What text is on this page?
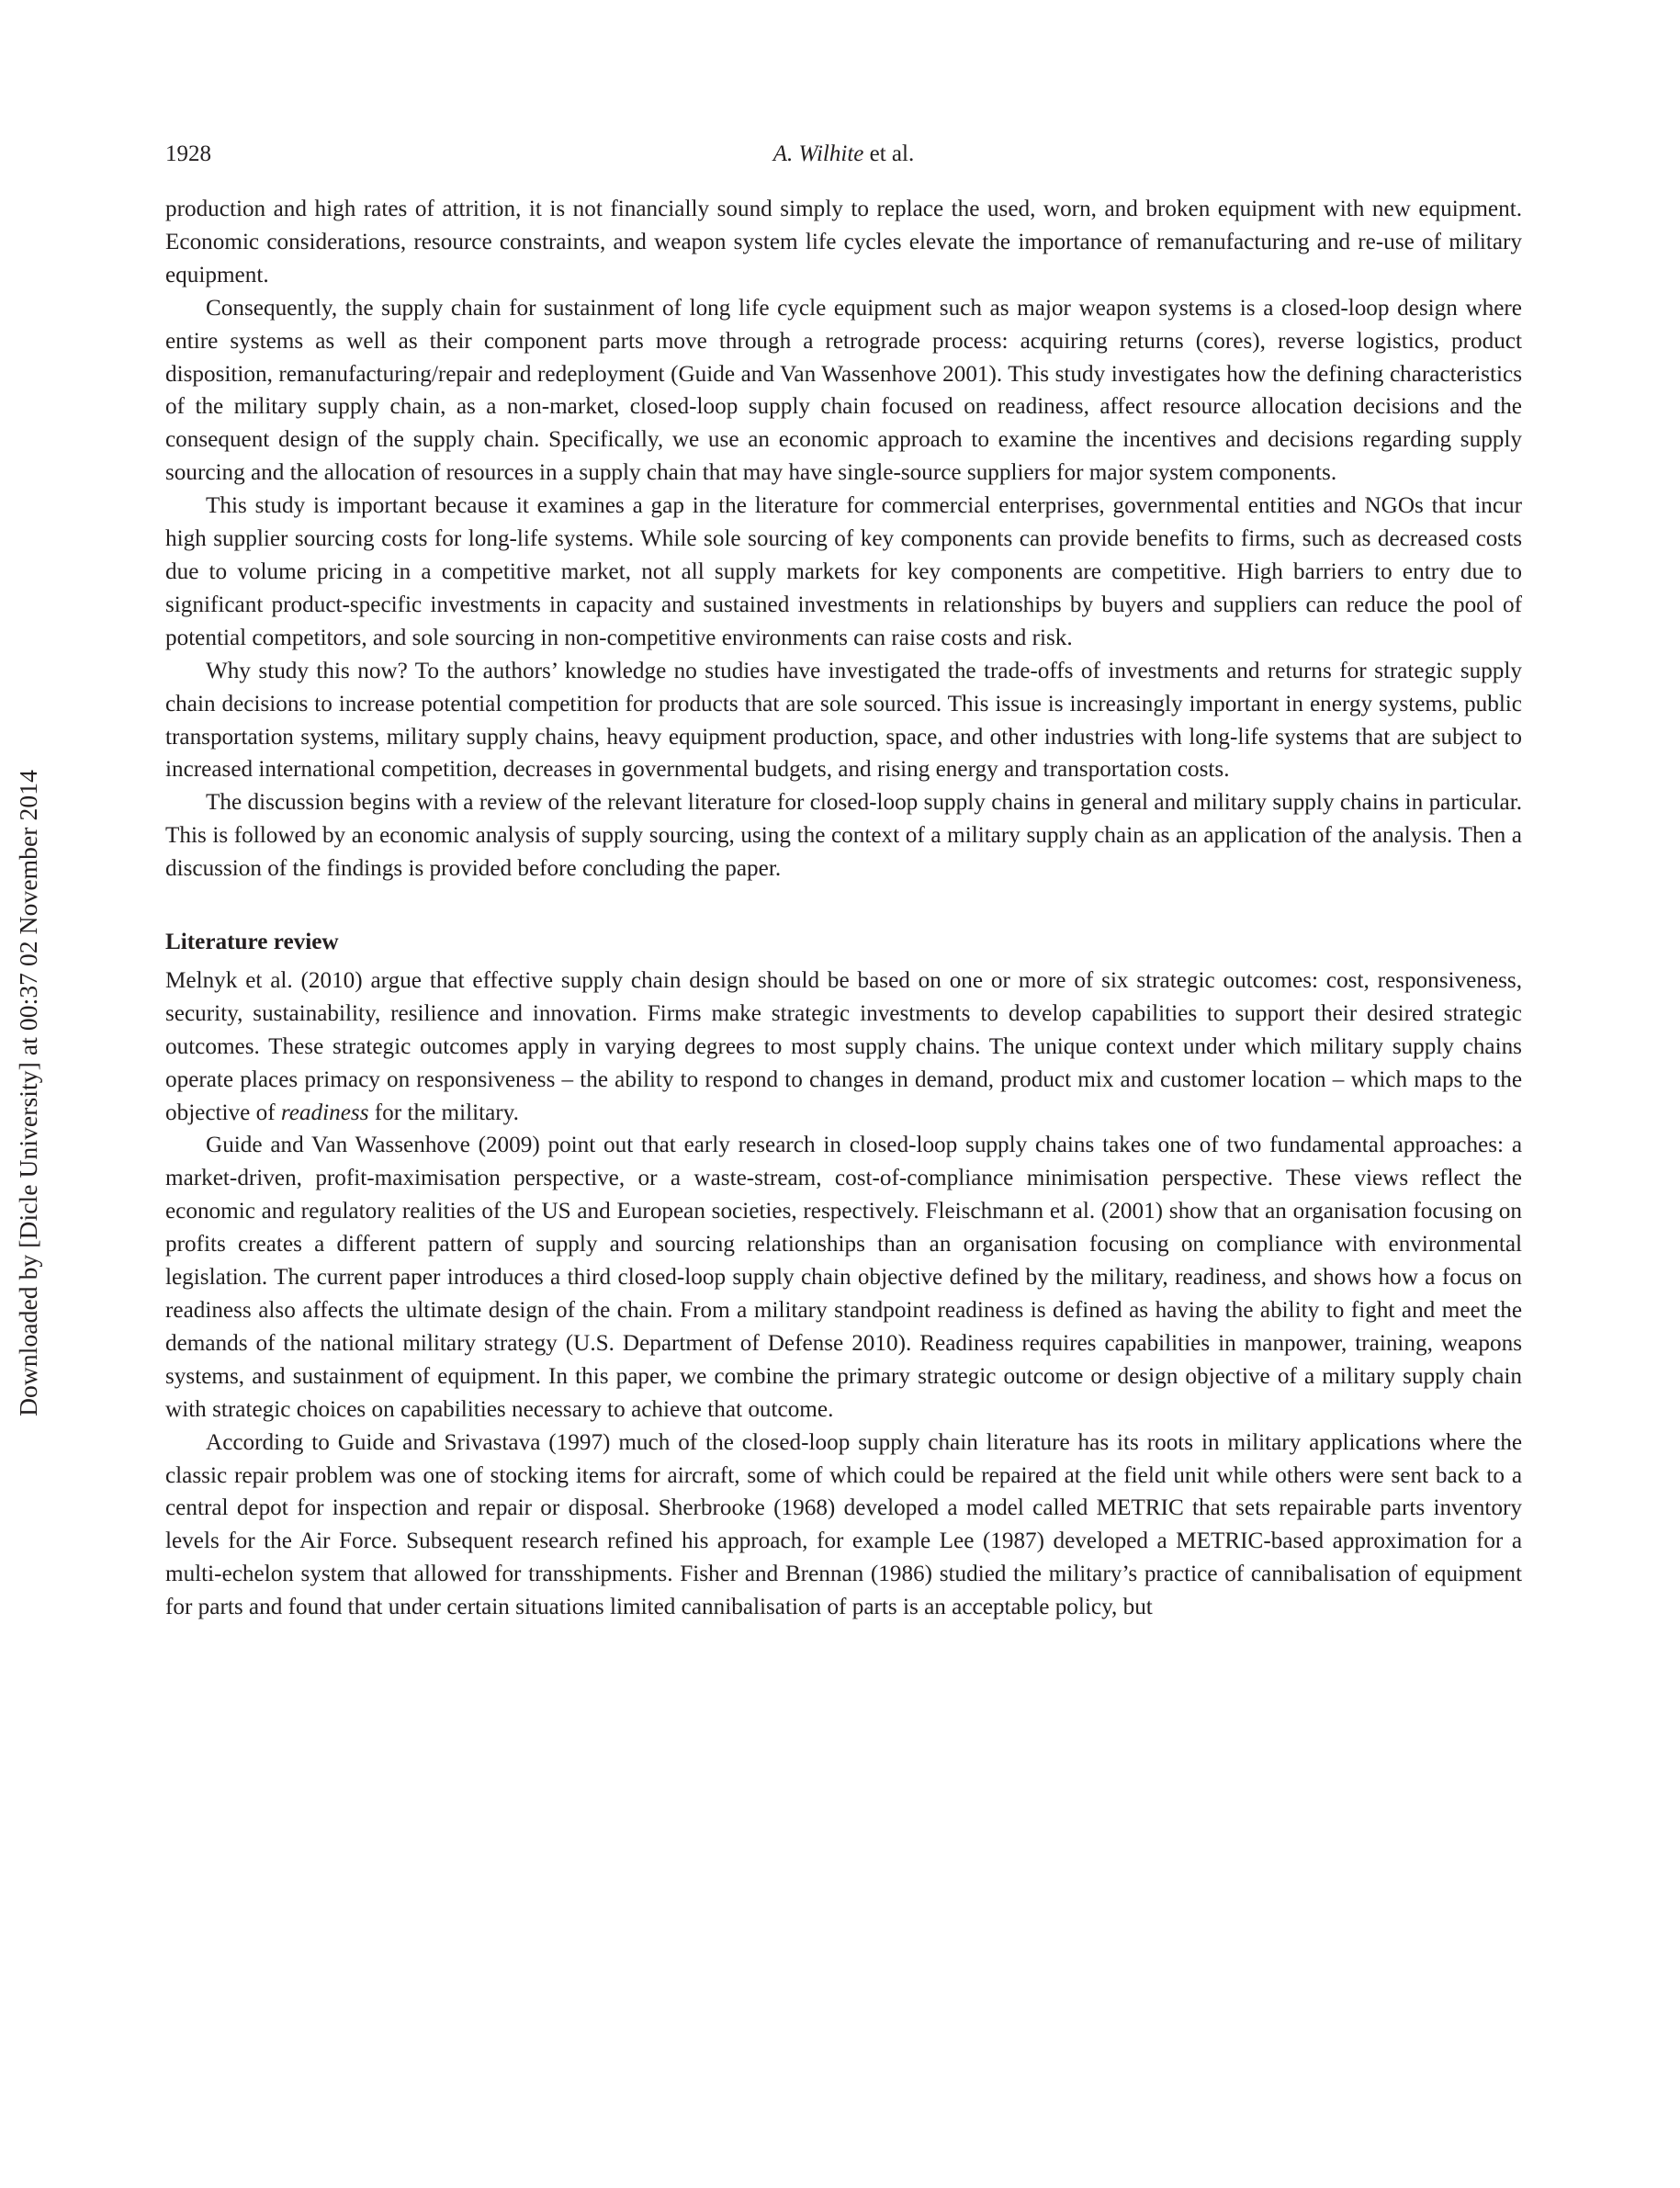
1928	A. Wilhite et al.
Downloaded by [Dicle University] at 00:37 02 November 2014

production and high rates of attrition, it is not financially sound simply to replace the used, worn, and broken equipment with new equipment. Economic considerations, resource constraints, and weapon system life cycles elevate the importance of remanufacturing and re-use of military equipment.

Consequently, the supply chain for sustainment of long life cycle equipment such as major weapon systems is a closed-loop design where entire systems as well as their component parts move through a retrograde process: acquiring returns (cores), reverse logistics, product disposition, remanufacturing/repair and redeployment (Guide and Van Wassenhove 2001). This study investigates how the defining characteristics of the military supply chain, as a non-market, closed-loop supply chain focused on readiness, affect resource allocation decisions and the consequent design of the supply chain. Specifically, we use an economic approach to examine the incentives and decisions regarding supply sourcing and the allocation of resources in a supply chain that may have single-source suppliers for major system components.

This study is important because it examines a gap in the literature for commercial enterprises, governmental entities and NGOs that incur high supplier sourcing costs for long-life systems. While sole sourcing of key components can provide benefits to firms, such as decreased costs due to volume pricing in a competitive market, not all supply markets for key components are competitive. High barriers to entry due to significant product-specific investments in capacity and sustained investments in relationships by buyers and suppliers can reduce the pool of potential competitors, and sole sourcing in non-competitive environments can raise costs and risk.

Why study this now? To the authors’ knowledge no studies have investigated the trade-offs of investments and returns for strategic supply chain decisions to increase potential competition for products that are sole sourced. This issue is increasingly important in energy systems, public transportation systems, military supply chains, heavy equipment production, space, and other industries with long-life systems that are subject to increased international competition, decreases in governmental budgets, and rising energy and transportation costs.

The discussion begins with a review of the relevant literature for closed-loop supply chains in general and military supply chains in particular. This is followed by an economic analysis of supply sourcing, using the context of a military supply chain as an application of the analysis. Then a discussion of the findings is provided before concluding the paper.

Literature review

Melnyk et al. (2010) argue that effective supply chain design should be based on one or more of six strategic outcomes: cost, responsiveness, security, sustainability, resilience and innovation. Firms make strategic investments to develop capabilities to support their desired strategic outcomes. These strategic outcomes apply in varying degrees to most supply chains. The unique context under which military supply chains operate places primacy on responsiveness – the ability to respond to changes in demand, product mix and customer location – which maps to the objective of readiness for the military.

Guide and Van Wassenhove (2009) point out that early research in closed-loop supply chains takes one of two fundamental approaches: a market-driven, profit-maximisation perspective, or a waste-stream, cost-of-compliance minimisation perspective. These views reflect the economic and regulatory realities of the US and European societies, respectively. Fleischmann et al. (2001) show that an organisation focusing on profits creates a different pattern of supply and sourcing relationships than an organisation focusing on compliance with environmental legislation. The current paper introduces a third closed-loop supply chain objective defined by the military, readiness, and shows how a focus on readiness also affects the ultimate design of the chain. From a military standpoint readiness is defined as having the ability to fight and meet the demands of the national military strategy (U.S. Department of Defense 2010). Readiness requires capabilities in manpower, training, weapons systems, and sustainment of equipment. In this paper, we combine the primary strategic outcome or design objective of a military supply chain with strategic choices on capabilities necessary to achieve that outcome.

According to Guide and Srivastava (1997) much of the closed-loop supply chain literature has its roots in military applications where the classic repair problem was one of stocking items for aircraft, some of which could be repaired at the field unit while others were sent back to a central depot for inspection and repair or disposal. Sherbrooke (1968) developed a model called METRIC that sets repairable parts inventory levels for the Air Force. Subsequent research refined his approach, for example Lee (1987) developed a METRIC-based approximation for a multi-echelon system that allowed for transshipments. Fisher and Brennan (1986) studied the military’s practice of cannibalisation of equipment for parts and found that under certain situations limited cannibalisation of parts is an acceptable policy, but
